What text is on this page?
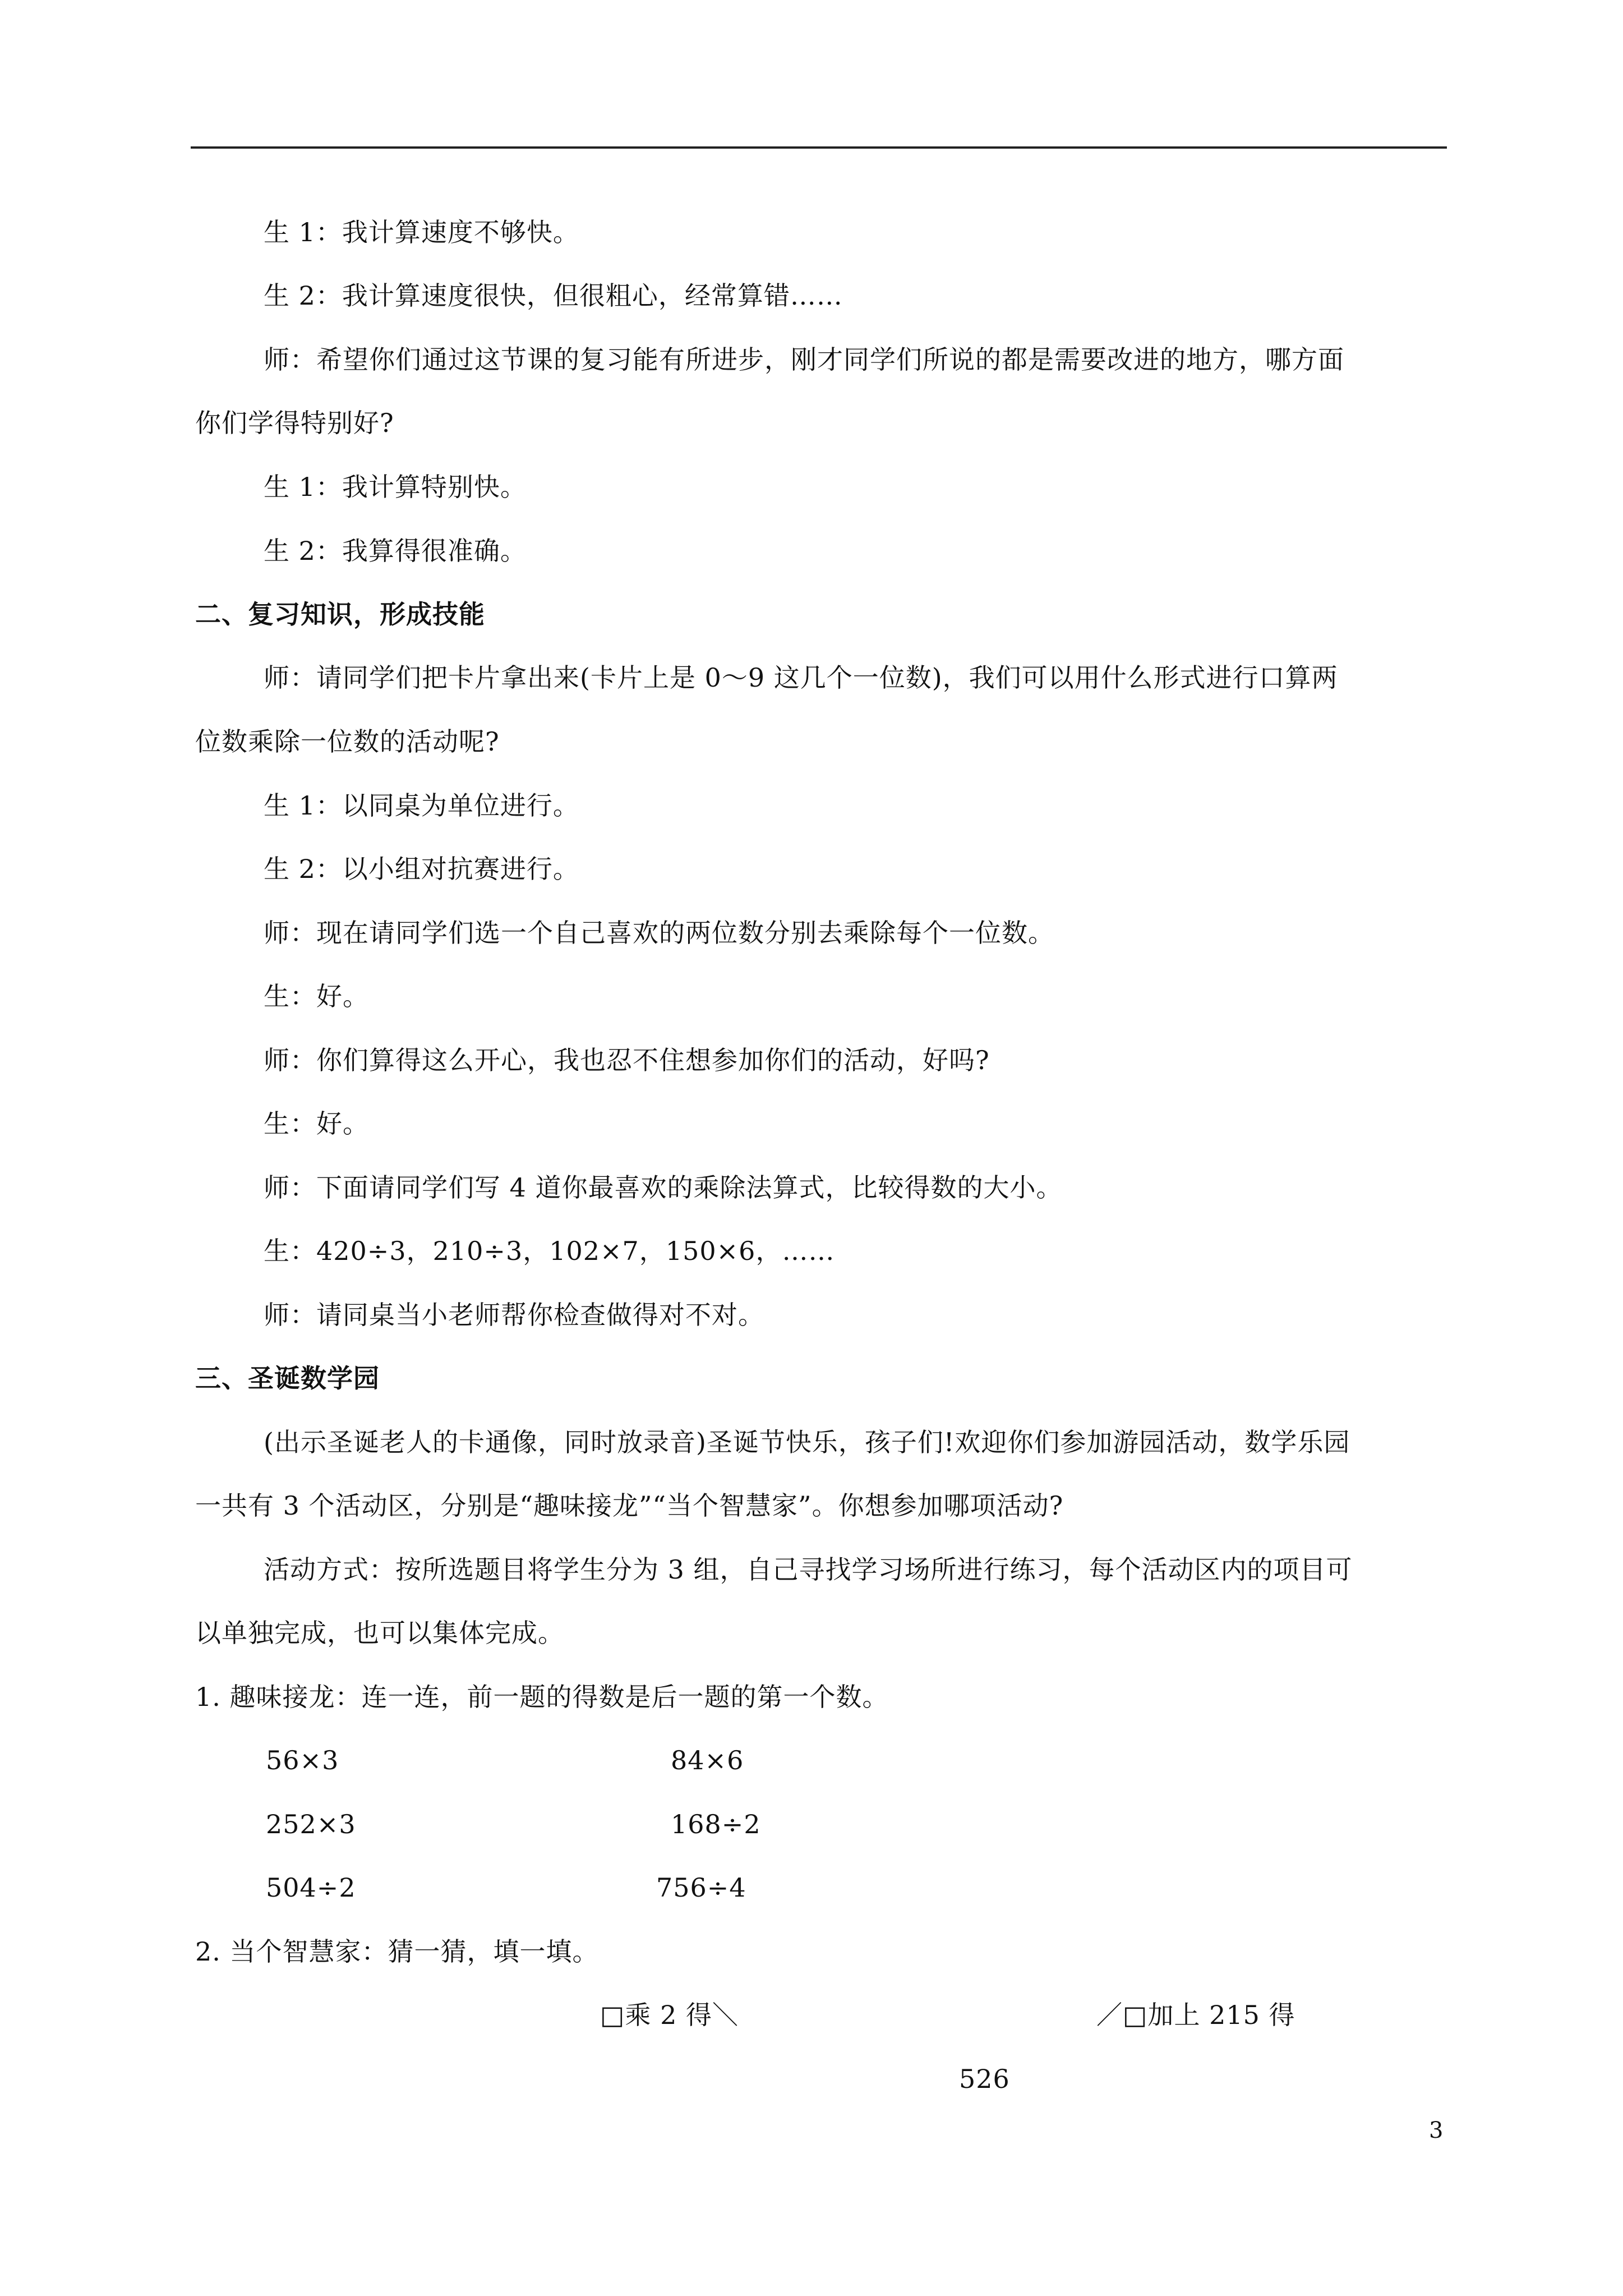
生 1：我计算速度不够快。
生 2：我计算速度很快，但很粗心，经常算错……
师：希望你们通过这节课的复习能有所进步，刚才同学们所说的都是需要改进的地方，哪方面
你们学得特别好?
生 1：我计算特别快。
生 2：我算得很准确。
二、复习知识，形成技能
师：请同学们把卡片拿出来(卡片上是 0～9 这几个一位数)，我们可以用什么形式进行口算两
位数乘除一位数的活动呢?
生 1：以同桌为单位进行。
生 2：以小组对抗赛进行。
师：现在请同学们选一个自己喜欢的两位数分别去乘除每个一位数。
生：好。
师：你们算得这么开心，我也忍不住想参加你们的活动，好吗?
生：好。
师：下面请同学们写 4 道你最喜欢的乘除法算式，比较得数的大小。
生：420÷3，210÷3，102×7，150×6，……
师：请同桌当小老师帮你检查做得对不对。
三、圣诞数学园
(出示圣诞老人的卡通像，同时放录音)圣诞节快乐，孩子们!欢迎你们参加游园活动，数学乐园
一共有 3 个活动区，分别是“趣味接龙”“当个智慧家”。你想参加哪项活动?
活动方式：按所选题目将学生分为 3 组，自己寻找学习场所进行练习，每个活动区内的项目可
以单独完成，也可以集体完成。
1. 趣味接龙：连一连，前一题的得数是后一题的第一个数。
56×3	84×6
252×3	168÷2
504÷2	756÷4
2. 当个智慧家：猜一猜，填一填。
□乘 2 得＼	／□加上 215 得
526
3
